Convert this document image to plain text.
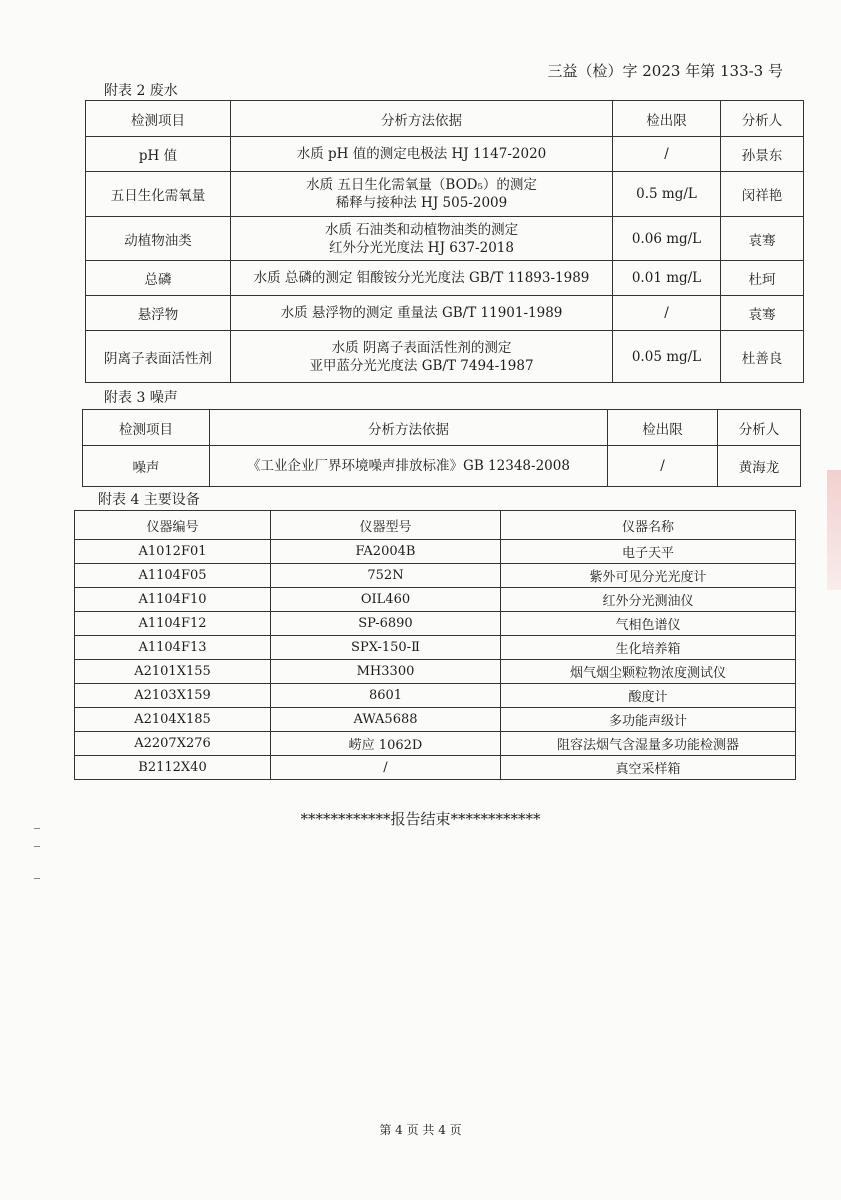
三益（检）字 2023 年第 133-3 号
附表 2 废水
检测项目	分析方法依据	检出限	分析人
pH 值	水质 pH 值的测定电极法 HJ 1147-2020	/	孙景东
五日生化需氧量	水质 五日生化需氧量（BOD₅）的测定
稀释与接种法 HJ 505-2009	0.5 mg/L	闵祥艳
动植物油类	水质 石油类和动植物油类的测定
红外分光光度法 HJ 637-2018	0.06 mg/L	袁骞
总磷	水质 总磷的测定 钼酸铵分光光度法 GB/T 11893-1989	0.01 mg/L	杜珂
悬浮物	水质 悬浮物的测定 重量法 GB/T 11901-1989	/	袁骞
阴离子表面活性剂	水质 阴离子表面活性剂的测定
亚甲蓝分光光度法 GB/T 7494-1987	0.05 mg/L	杜善良
附表 3 噪声
检测项目	分析方法依据	检出限	分析人
噪声	《工业企业厂界环境噪声排放标准》GB 12348-2008	/	黄海龙
附表 4 主要设备
仪器编号	仪器型号	仪器名称
A1012F01	FA2004B	电子天平
A1104F05	752N	紫外可见分光光度计
A1104F10	OIL460	红外分光测油仪
A1104F12	SP-6890	气相色谱仪
A1104F13	SPX-150-Ⅱ	生化培养箱
A2101X155	MH3300	烟气烟尘颗粒物浓度测试仪
A2103X159	8601	酸度计
A2104X185	AWA5688	多功能声级计
A2207X276	崂应 1062D	阻容法烟气含湿量多功能检测器
B2112X40	/	真空采样箱
************报告结束************
第 4 页 共 4 页
